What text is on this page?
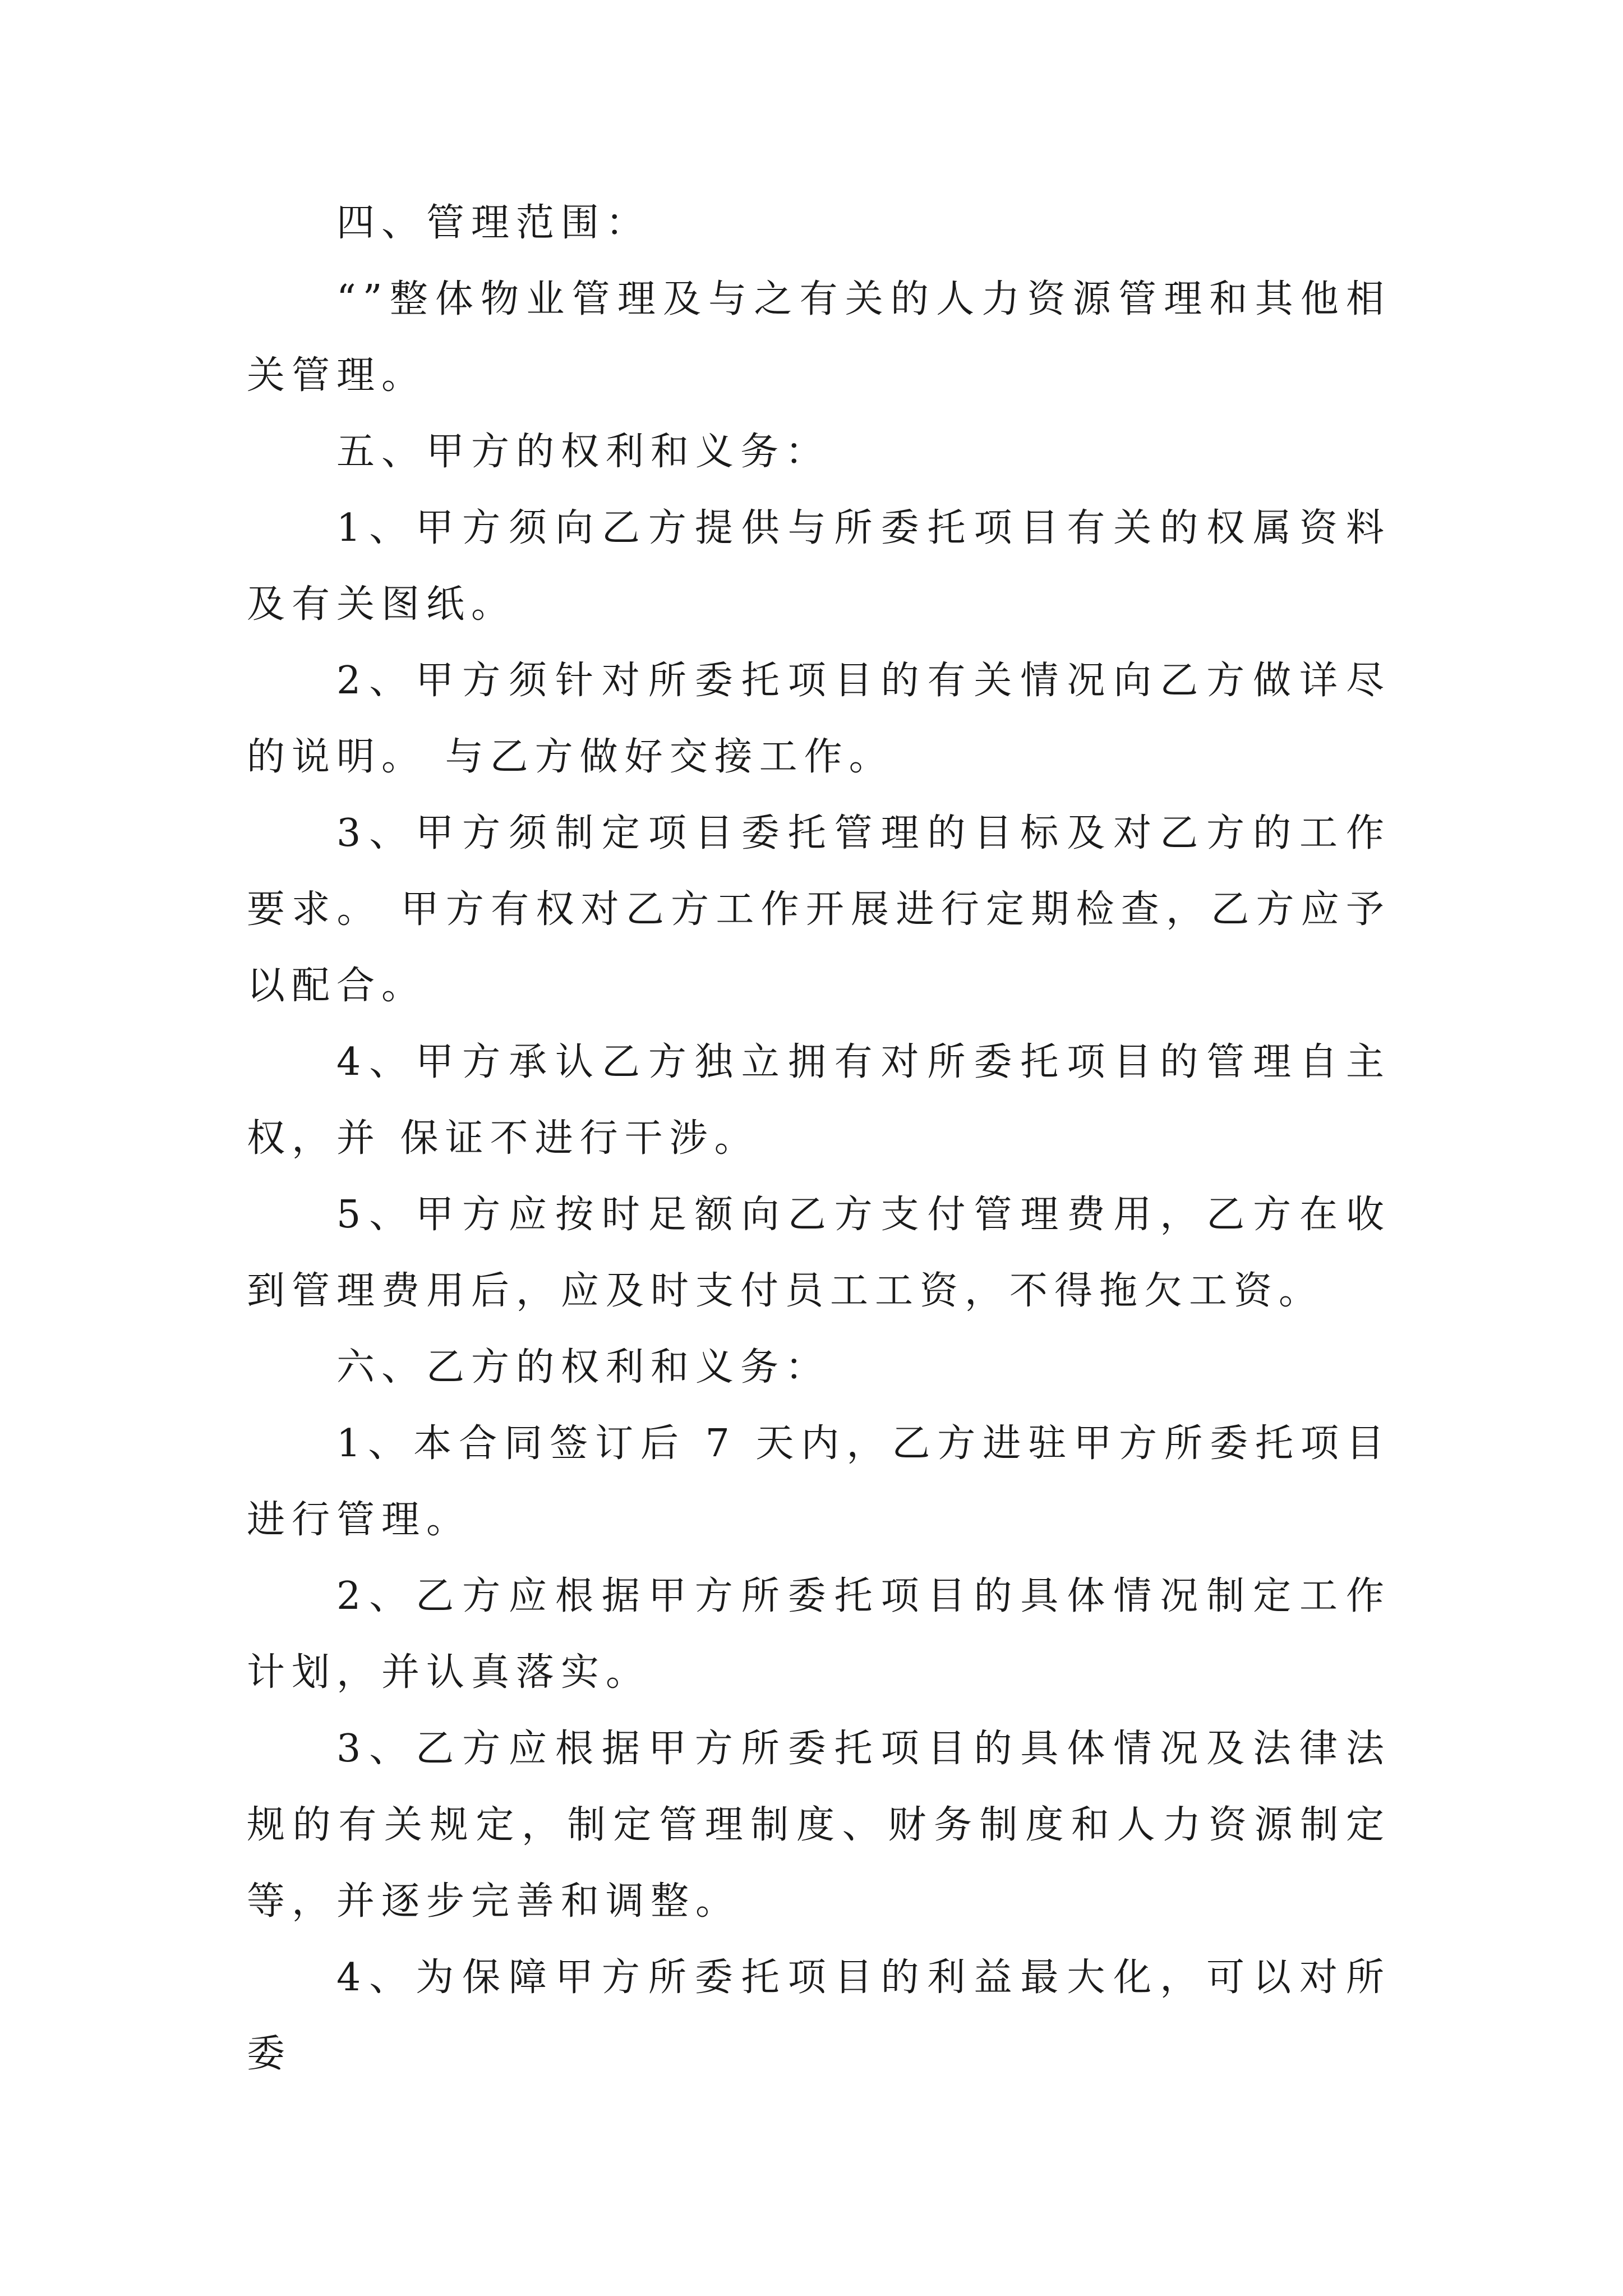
四、管理范围：

“”整体物业管理及与之有关的人力资源管理和其他相关管理。

五、甲方的权利和义务：

1、甲方须向乙方提供与所委托项目有关的权属资料及有关图纸。

2、甲方须针对所委托项目的有关情况向乙方做详尽的说明。 与乙方做好交接工作。

3、甲方须制定项目委托管理的目标及对乙方的工作要求。 甲方有权对乙方工作开展进行定期检查，乙方应予以配合。

4、甲方承认乙方独立拥有对所委托项目的管理自主权，并 保证不进行干涉。

5、甲方应按时足额向乙方支付管理费用，乙方在收到管理费用后，应及时支付员工工资，不得拖欠工资。

六、乙方的权利和义务：

1、本合同签订后 7 天内，乙方进驻甲方所委托项目进行管理。

2、乙方应根据甲方所委托项目的具体情况制定工作计划，并认真落实。

3、乙方应根据甲方所委托项目的具体情况及法律法规的有关规定，制定管理制度、财务制度和人力资源制定等，并逐步完善和调整。

4、为保障甲方所委托项目的利益最大化，可以对所委
